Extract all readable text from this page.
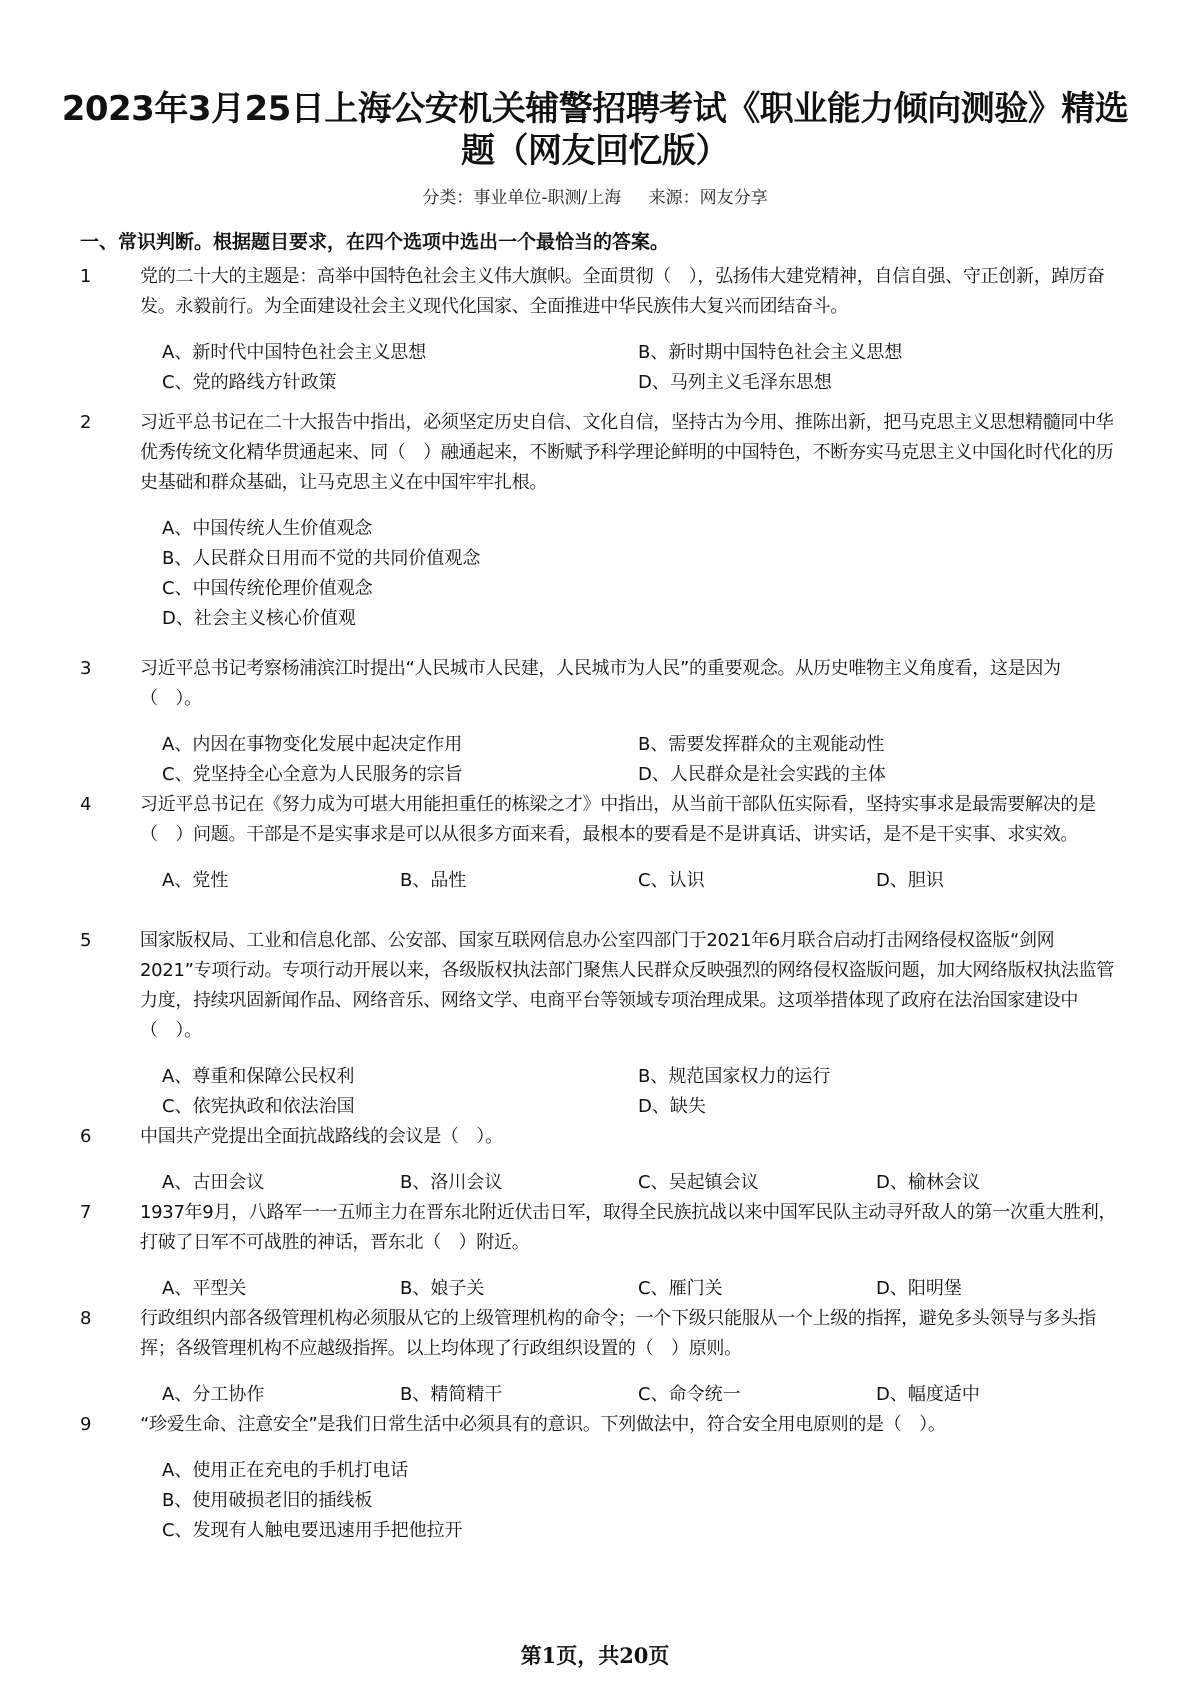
2023年3月25日上海公安机关辅警招聘考试《职业能力倾向测验》精选题（网友回忆版）
分类：事业单位-职测/上海 来源：网友分享
一、常识判断。根据题目要求，在四个选项中选出一个最恰当的答案。
1	党的二十大的主题是：高举中国特色社会主义伟大旗帜。全面贯彻（　），弘扬伟大建党精神，自信自强、守正创新，踔厉奋发。永毅前行。为全面建设社会主义现代化国家、全面推进中华民族伟大复兴而团结奋斗。
A、新时代中国特色社会主义思想	B、新时期中国特色社会主义思想
C、党的路线方针政策	D、马列主义毛泽东思想
2	习近平总书记在二十大报告中指出，必须坚定历史自信、文化自信，坚持古为今用、推陈出新，把马克思主义思想精髓同中华优秀传统文化精华贯通起来、同（　）融通起来，不断赋予科学理论鲜明的中国特色，不断夯实马克思主义中国化时代化的历史基础和群众基础，让马克思主义在中国牢牢扎根。
A、中国传统人生价值观念
B、人民群众日用而不觉的共同价值观念
C、中国传统伦理价值观念
D、社会主义核心价值观
3	习近平总书记考察杨浦滨江时提出“人民城市人民建，人民城市为人民”的重要观念。从历史唯物主义角度看，这是因为（　）。
A、内因在事物变化发展中起决定作用	B、需要发挥群众的主观能动性
C、党坚持全心全意为人民服务的宗旨	D、人民群众是社会实践的主体
4	习近平总书记在《努力成为可堪大用能担重任的栋梁之才》中指出，从当前干部队伍实际看，坚持实事求是最需要解决的是（　）问题。干部是不是实事求是可以从很多方面来看，最根本的要看是不是讲真话、讲实话，是不是干实事、求实效。
A、党性	B、品性	C、认识	D、胆识
5	国家版权局、工业和信息化部、公安部、国家互联网信息办公室四部门于2021年6月联合启动打击网络侵权盗版“剑网2021”专项行动。专项行动开展以来，各级版权执法部门聚焦人民群众反映强烈的网络侵权盗版问题，加大网络版权执法监管力度，持续巩固新闻作品、网络音乐、网络文学、电商平台等领域专项治理成果。这项举措体现了政府在法治国家建设中（　）。
A、尊重和保障公民权利	B、规范国家权力的运行
C、依宪执政和依法治国	D、缺失
6	中国共产党提出全面抗战路线的会议是（　）。
A、古田会议	B、洛川会议	C、吴起镇会议	D、榆林会议
7	1937年9月，八路军一一五师主力在晋东北附近伏击日军，取得全民族抗战以来中国军民队主动寻歼敌人的第一次重大胜利，打破了日军不可战胜的神话，晋东北（　）附近。
A、平型关	B、娘子关	C、雁门关	D、阳明堡
8	行政组织内部各级管理机构必须服从它的上级管理机构的命令；一个下级只能服从一个上级的指挥，避免多头领导与多头指挥；各级管理机构不应越级指挥。以上均体现了行政组织设置的（　）原则。
A、分工协作	B、精简精干	C、命令统一	D、幅度适中
9	“珍爱生命、注意安全”是我们日常生活中必须具有的意识。下列做法中，符合安全用电原则的是（　）。
A、使用正在充电的手机打电话
B、使用破损老旧的插线板
C、发现有人触电要迅速用手把他拉开
第1页，共20页
